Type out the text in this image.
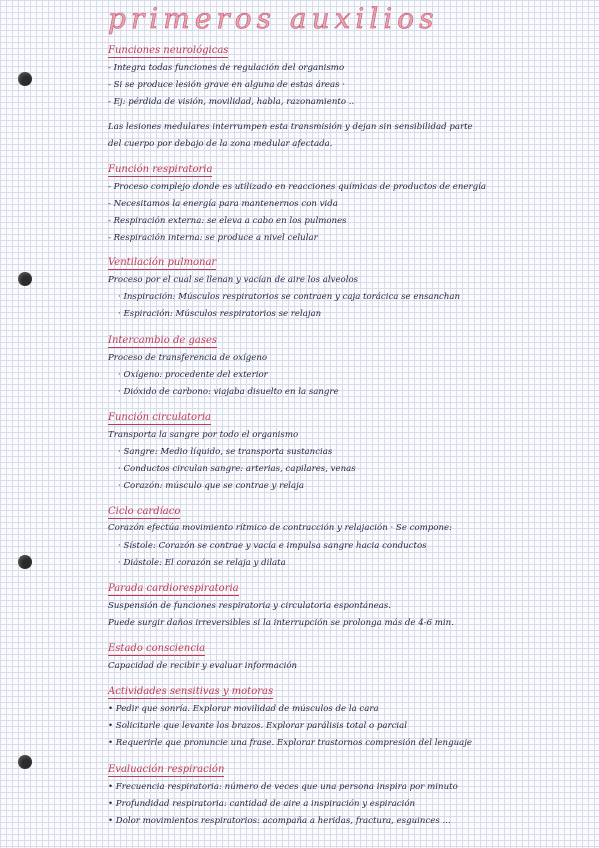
primeros auxilios
Funciones neurológicas
- Integra todas funciones de regulación del organismo
- Si se produce lesión grave en alguna de estas áreas ·
- Ej: pérdida de visión, movilidad, habla, razonamiento ..
Las lesiones medulares interrumpen esta transmisión y dejan sin sensibilidad parte
del cuerpo por debajo de la zona medular afectada.
Función respiratoria
- Proceso complejo donde es utilizado en reacciones químicas de productos de energía
- Necesitamos la energía para mantenernos con vida
- Respiración externa: se eleva a cabo en los pulmones
- Respiración interna: se produce a nivel celular
Ventilación pulmonar
Proceso por el cual se llenan y vacían de aire los alveolos
· Inspiración: Músculos respiratorios se contraen y caja torácica se ensanchan
· Espiración: Músculos respiratorios se relajan
Intercambio de gases
Proceso de transferencia de oxígeno
· Oxígeno: procedente del exterior
· Dióxido de carbono: viajaba disuelto en la sangre
Función circulatoria
Transporta la sangre por todo el organismo
· Sangre: Medio líquido, se transporta sustancias
· Conductos circulan sangre: arterias, capilares, venas
· Corazón: músculo que se contrae y relaja
Ciclo cardíaco
Corazón efectúa movimiento rítmico de contracción y relajación · Se compone:
· Sístole: Corazón se contrae y vacía e impulsa sangre hacia conductos
· Diástole: El corazón se relaja y dilata
Parada cardiorespiratoria
Suspensión de funciones respiratoria y circulatoria espontáneas.
Puede surgir daños irreversibles si la interrupción se prolonga más de 4-6 min.
Estado consciencia
Capacidad de recibir y evaluar información
Actividades sensitivas y motoras
• Pedir que sonría. Explorar movilidad de músculos de la cara
• Solicitarle que levante los brazos. Explorar parálisis total o parcial
• Requerirle que pronuncie una frase. Explorar trastornos compresión del lenguaje
Evaluación respiración
• Frecuencia respiratoria: número de veces que una persona inspira por minuto
• Profundidad respiratoria: cantidad de aire a inspiración y espiración
• Dolor movimientos respiratorios: acompaña a heridas, fractura, esguinces ...
